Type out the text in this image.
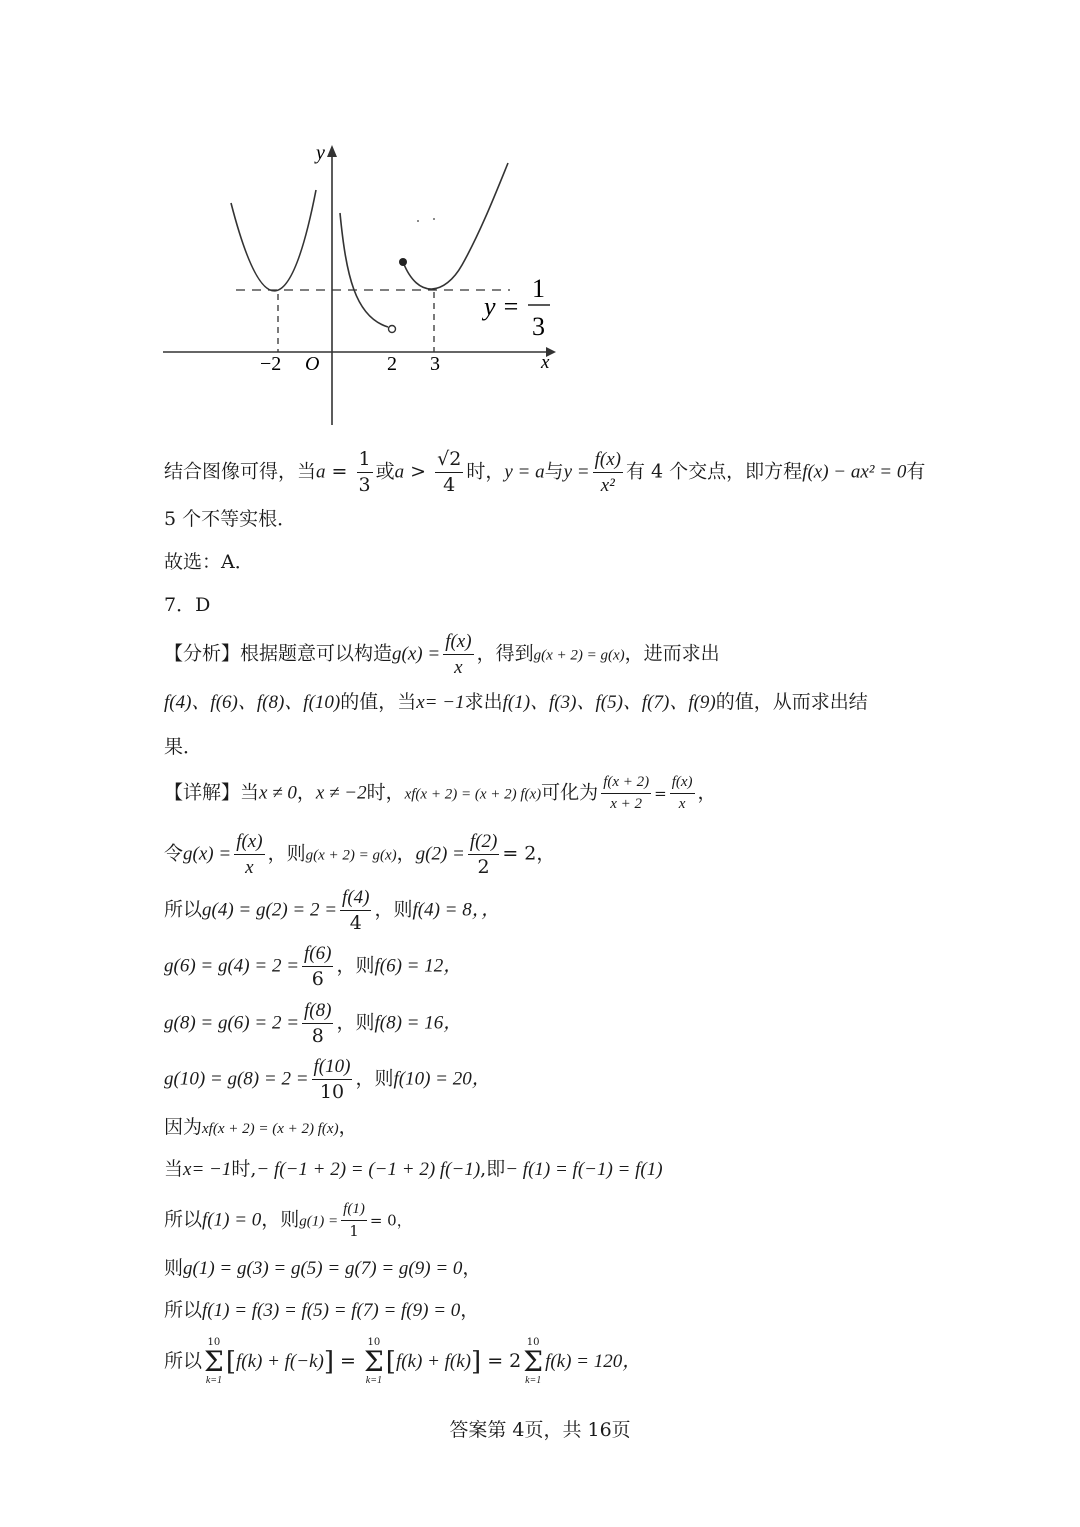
y
x
O
−2	2 3
y =
1
3
结合图像可得，当$a = \frac{1}{3}$ 或$a > \frac{√2}{4}$ 时，y = a与$y = \frac{f(x)}{\text{x²}}$ 有 4 个交点，即方程f(x) − ax² = 0有
5 个不等实根．
故选：A．
7．D
【分析】根据题意可以构造$g(x) = \frac{f(x)}{x}$ ，得到g(x + 2) = g(x)，进而求出
f(4)、f(6)、f(8)、f(10)的值，当x= −1求出f(1)、f(3)、f(5)、f(7)、f(9)的值，从而求出结
果．
【详解】当x ≠ 0，x ≠ −2时，xf(x + 2) = (x + 2) f(x)可化为 $\frac{f(x + 2)}{x + 2} = \frac{f(x)}{x}$ ，
令$g(x) = \frac{f(x)}{x}$ ，则g(x + 2) = g(x)，$g(2) = \frac{f(2)}{2} = 2$，
所以$g(4) = g(2) = 2 = \frac{f(4)}{4}$ ，则f(4) = 8，，
$g(6) = g(4) = 2 = \frac{f(6)}{6}$ ，则f(6) = 12，
$g(8) = g(6) = 2 = \frac{f(8)}{8}$ ，则f(8) = 16，
$g(10) = g(8) = 2 = \frac{f(10)}{10}$ ，则f(10) = 20，
因为xf(x + 2) = (x + 2) f(x)，
当x= −1时,− f(−1 + 2) = (−1 + 2) f(−1),即− f(1) = f(−1) = f(1)
所以f(1) = 0，则$g(1) = \frac{f(1)}{1} = 0$，
则g(1) = g(3) = g(5) = g(7) = g(9) = 0，
所以f(1) = f(3) = f(5) = f(7) = f(9) = 0，
所以
10
Σ
k=1
[f(k) + f(−k)] =
10
Σ
k=1
[f(k) + f(k)] = 2
10
Σ
k=1
f(k) = 120，
答案第 4页，共 16页
